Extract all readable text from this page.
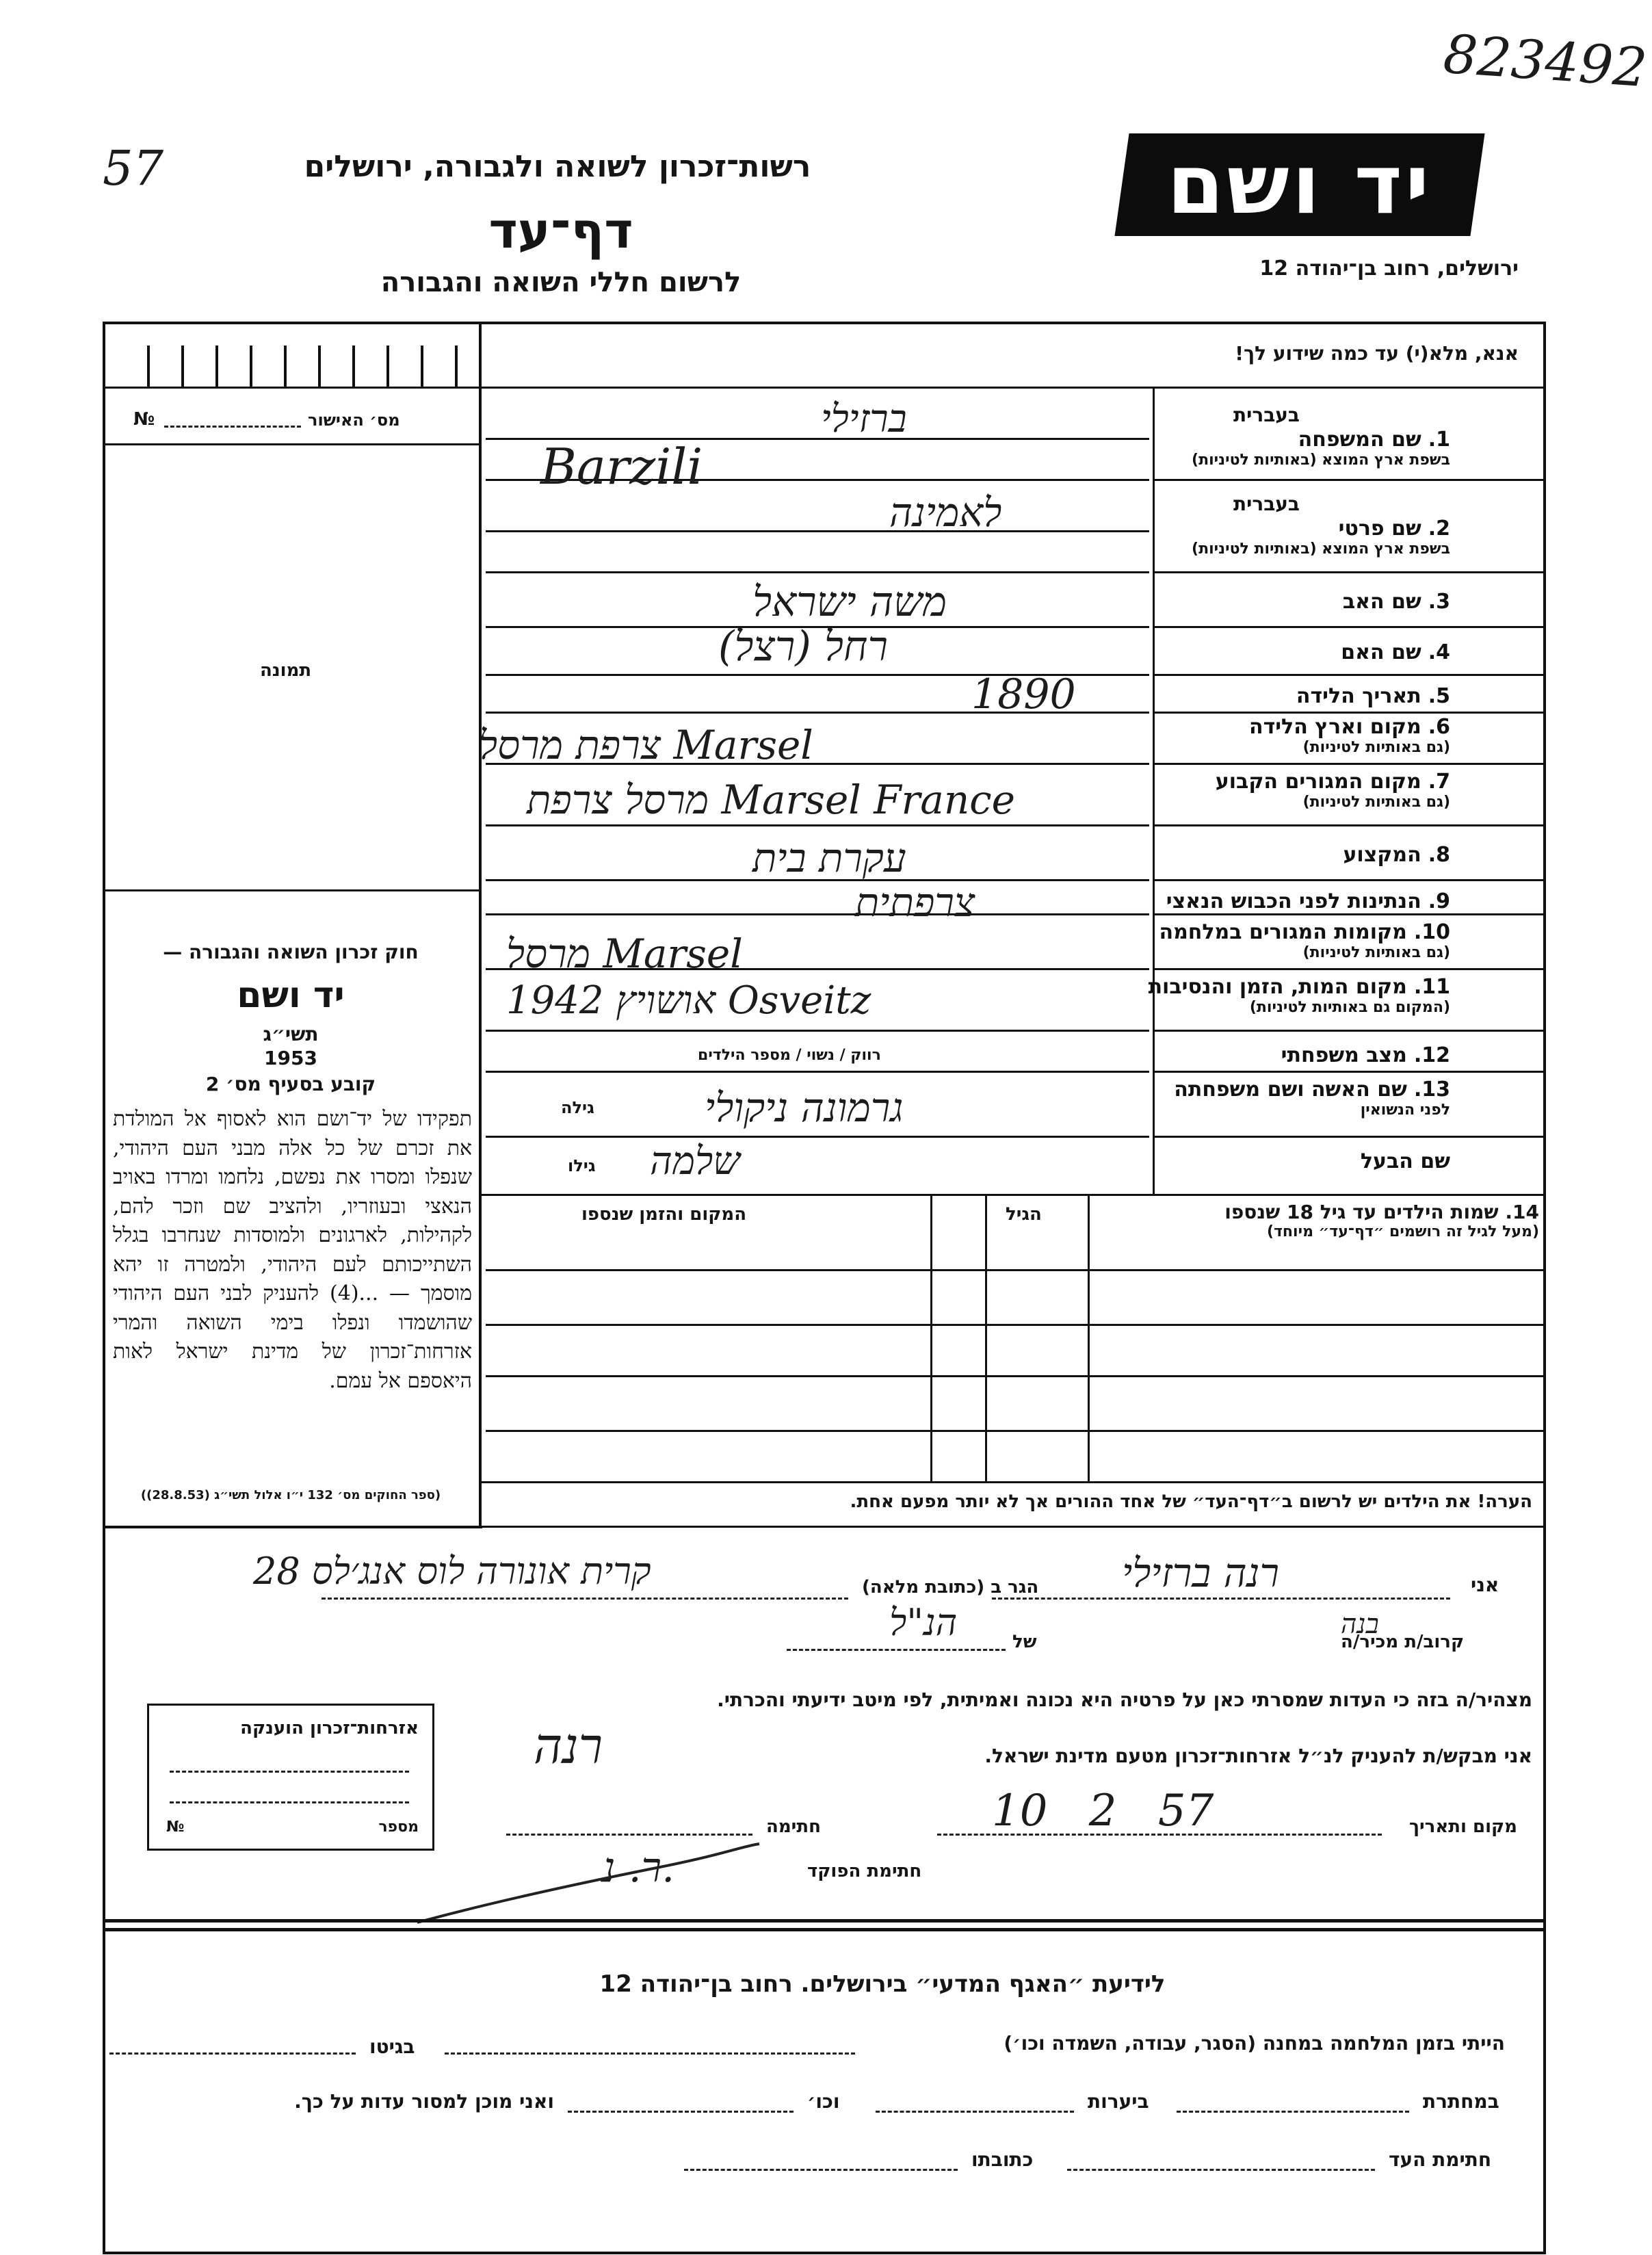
823492
57	יד ושם
רשות־זכרון לשואה ולגבורה, ירושלים
דף־עד
לרשום חללי השואה והגבורה	ירושלים, רחוב בן־יהודה 12
מס׳ האישור
№
תמונה
חוק זכרון השואה והגבורה —
יד ושם
תשי״ג
1953
קובע בסעיף מס׳ 2
תפקידו של יד־ושם הוא לאסוף אל המולדת את זכרם של כל אלה מבני העם היהודי, שנפלו ומסרו את נפשם, נלחמו ומרדו באויב הנאצי ובעוזריו, ולהציב שם וזכר להם, לקהילות, לארגונים ולמוסדות שנחרבו בגלל השתייכותם לעם היהודי, ולמטרה זו יהא מוסמך — ...(4) להעניק לבני העם היהודי שהושמדו ונפלו בימי השואה והמרי אזרחות־זכרון של מדינת ישראל לאות היאספם אל עמם.
(ספר החוקים מס׳ 132 י״ו אלול תשי״ג (28.8.53))
אנא, מלא(י) עד כמה שידוע לך!
בעברית
1.שם המשפחה
בשפת ארץ המוצא (באותיות לטיניות)
בעברית
2.שם פרטי
בשפת ארץ המוצא (באותיות לטיניות)
3.שם האב
4.שם האם
5.תאריך הלידה
6.מקום וארץ הלידה
(גם באותיות לטיניות)
7.מקום המגורים הקבוע
(גם באותיות לטיניות)
8.המקצוע
9.הנתינות לפני הכבוש הנאצי
10.מקומות המגורים במלחמה
(גם באותיות לטיניות)
11.מקום המות, הזמן והנסיבות
(המקום גם באותיות לטיניות)
12.מצב משפחתי
13.שם האשה ושם משפחתה
לפני הנשואין
שם הבעל
ברזילי
Barzili
לאמינה
משה ישראל
רחל (רצל)
1890
צרפת מרסל Marsel
מרסל צרפת Marsel France
עקרת בית
צרפתית
מרסל Marsel
אושויץ 1942 Osveitz
רווק / נשוי / מספר הילדים
גרמונה ניקולי
גילה
שלמה
גילו
14. שמות הילדים עד גיל 18 שנספו
(מעל לגיל זה רושמים ״דף־עד״ מיוחד)
הגיל
המקום והזמן שנספו
הערה! את הילדים יש לרשום ב״דף־העד״ של אחד ההורים אך לא יותר מפעם אחת.
אני
רנה ברזילי
הגר ב (כתובת מלאה)
קרית אונורה לוס אנג׳לס 28
קרוב/ת מכיר/ה
בנה
של
הנ"ל
מצהיר/ה בזה כי העדות שמסרתי כאן על פרטיה היא נכונה ואמיתית, לפי מיטב ידיעתי והכרתי.
אני מבקש/ת להעניק לנ״ל אזרחות־זכרון מטעם מדינת ישראל.
רנה
מקום ותאריך
10 2 57
חתימה
חתימת הפוקד
ר. נ.
אזרחות־זכרון הוענקה
מספר
№
לידיעת ״האגף המדעי״ בירושלים. רחוב בן־יהודה 12
הייתי בזמן המלחמה במחנה (הסגר, עבודה, השמדה וכו׳)
בגיטו
במחתרת
ביערות
וכו׳
ואני מוכן למסור עדות על כך.
חתימת העד
כתובתו
